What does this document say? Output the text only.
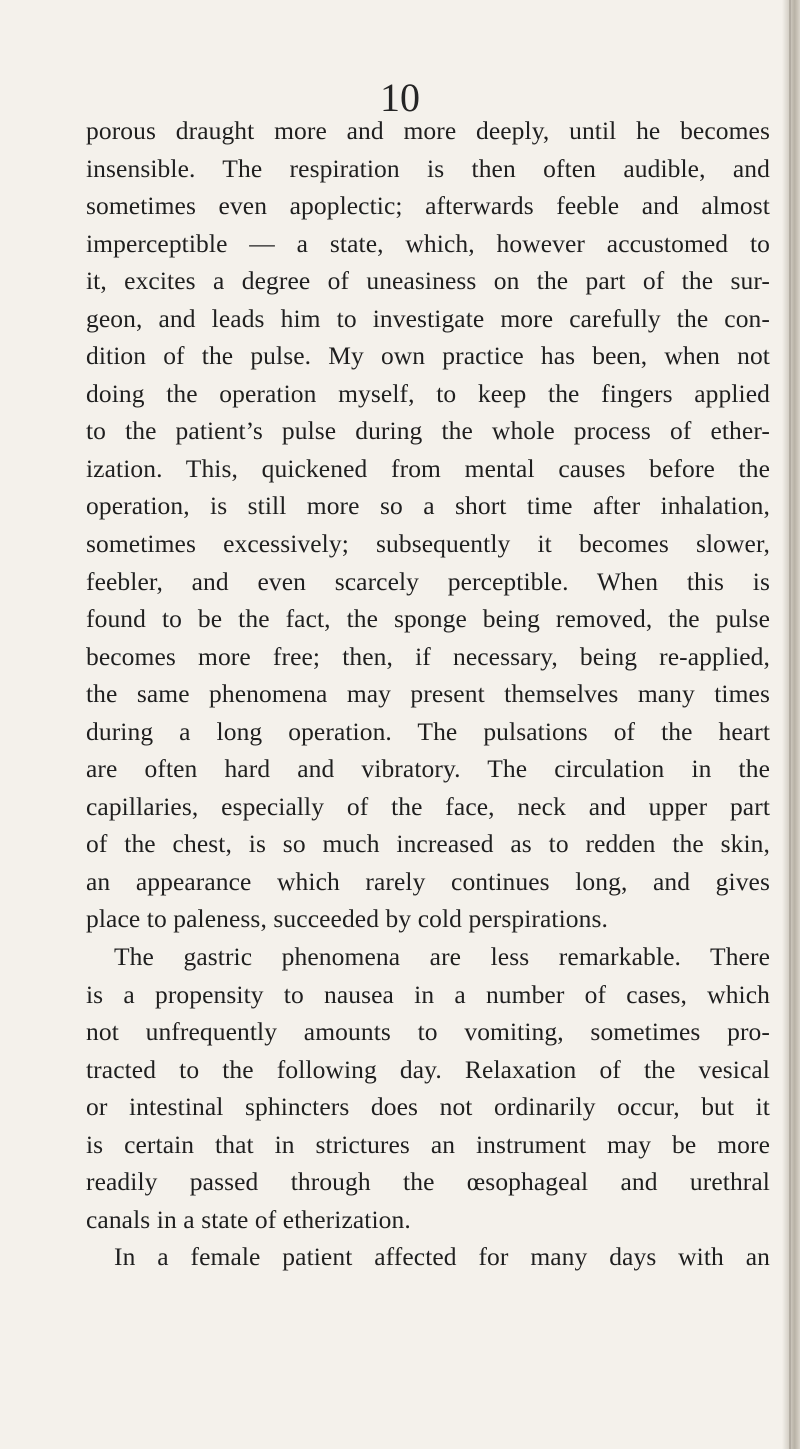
10
porous draught more and more deeply, until he becomes
insensible. The respiration is then often audible, and
sometimes even apoplectic; afterwards feeble and almost
imperceptible — a state, which, however accustomed to
it, excites a degree of uneasiness on the part of the sur-
geon, and leads him to investigate more carefully the con-
dition of the pulse. My own practice has been, when not
doing the operation myself, to keep the fingers applied
to the patient’s pulse during the whole process of ether-
ization. This, quickened from mental causes before the
operation, is still more so a short time after inhalation,
sometimes excessively; subsequently it becomes slower,
feebler, and even scarcely perceptible. When this is
found to be the fact, the sponge being removed, the pulse
becomes more free; then, if necessary, being re-applied,
the same phenomena may present themselves many times
during a long operation. The pulsations of the heart
are often hard and vibratory. The circulation in the
capillaries, especially of the face, neck and upper part
of the chest, is so much increased as to redden the skin,
an appearance which rarely continues long, and gives
place to paleness, succeeded by cold perspirations.
The gastric phenomena are less remarkable. There
is a propensity to nausea in a number of cases, which
not unfrequently amounts to vomiting, sometimes pro-
tracted to the following day. Relaxation of the vesical
or intestinal sphincters does not ordinarily occur, but it
is certain that in strictures an instrument may be more
readily passed through the œsophageal and urethral
canals in a state of etherization.
In a female patient affected for many days with an
